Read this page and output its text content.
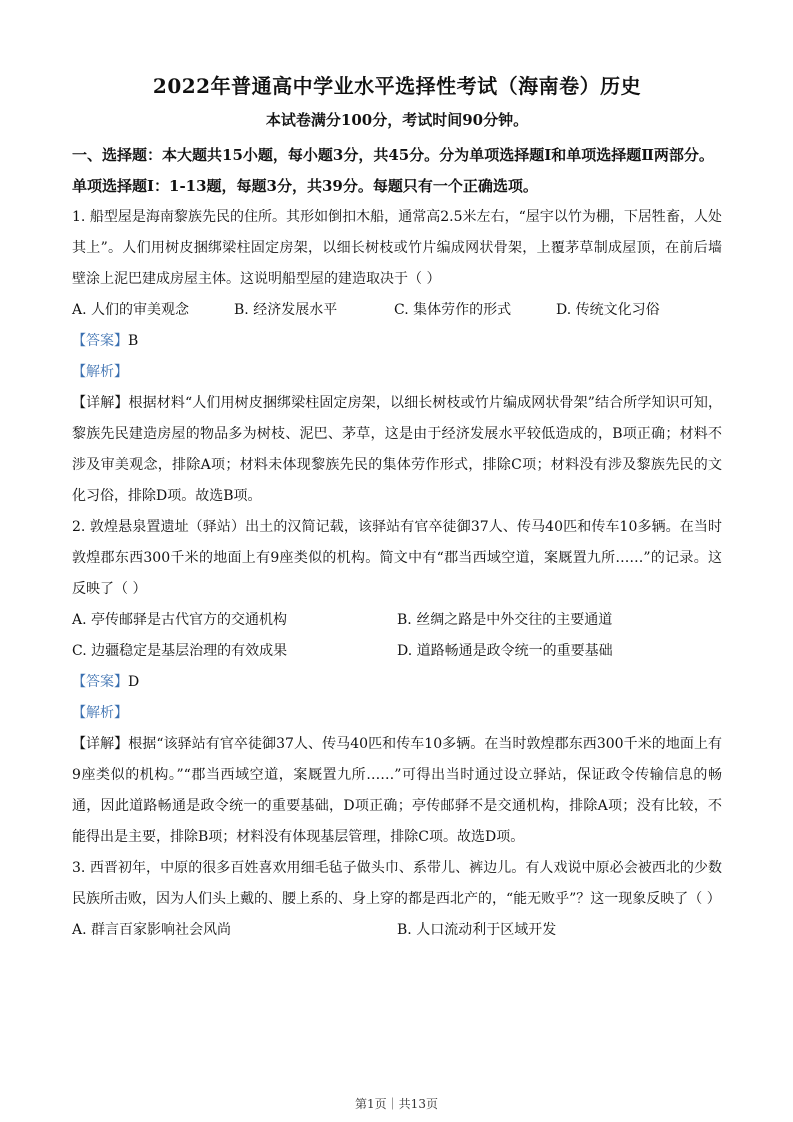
2022年普通高中学业水平选择性考试（海南卷）历史
本试卷满分100分，考试时间90分钟。
一、选择题：本大题共15小题，每小题3分，共45分。分为单项选择题Ⅰ和单项选择题Ⅱ两部分。
单项选择题Ⅰ：1-13题，每题3分，共39分。每题只有一个正确选项。

1. 船型屋是海南黎族先民的住所。其形如倒扣木船，通常高2.5米左右，“屋宇以竹为棚，下居牲畜，人处其上”。人们用树皮捆绑梁柱固定房架，以细长树枝或竹片编成网状骨架，上覆茅草制成屋顶，在前后墙壁涂上泥巴建成房屋主体。这说明船型屋的建造取决于（ ）

A. 人们的审美观念	B. 经济发展水平	C. 集体劳作的形式	D. 传统文化习俗

【答案】B

【解析】

【详解】根据材料“人们用树皮捆绑梁柱固定房架，以细长树枝或竹片编成网状骨架”结合所学知识可知，黎族先民建造房屋的物品多为树枝、泥巴、茅草，这是由于经济发展水平较低造成的，B项正确；材料不涉及审美观念，排除A项；材料未体现黎族先民的集体劳作形式，排除C项；材料没有涉及黎族先民的文化习俗，排除D项。故选B项。

2. 敦煌悬泉置遗址（驿站）出土的汉简记载，该驿站有官卒徒御37人、传马40匹和传车10多辆。在当时敦煌郡东西300千米的地面上有9座类似的机构。简文中有“郡当西域空道，案厩置九所……”的记录。这反映了（ ）

A. 亭传邮驿是古代官方的交通机构	B. 丝绸之路是中外交往的主要通道
C. 边疆稳定是基层治理的有效成果	D. 道路畅通是政令统一的重要基础

【答案】D

【解析】

【详解】根据“该驿站有官卒徒御37人、传马40匹和传车10多辆。在当时敦煌郡东西300千米的地面上有9座类似的机构。”“郡当西域空道，案厩置九所……”可得出当时通过设立驿站，保证政令传输信息的畅通，因此道路畅通是政令统一的重要基础，D项正确；亭传邮驿不是交通机构，排除A项；没有比较，不能得出是主要，排除B项；材料没有体现基层管理，排除C项。故选D项。

3. 西晋初年，中原的很多百姓喜欢用细毛毡子做头巾、系带儿、裤边儿。有人戏说中原必会被西北的少数民族所击败，因为人们头上戴的、腰上系的、身上穿的都是西北产的，“能无败乎”？这一现象反映了（ ）

A. 群言百家影响社会风尚	B. 人口流动利于区域开发
第1页｜共13页
